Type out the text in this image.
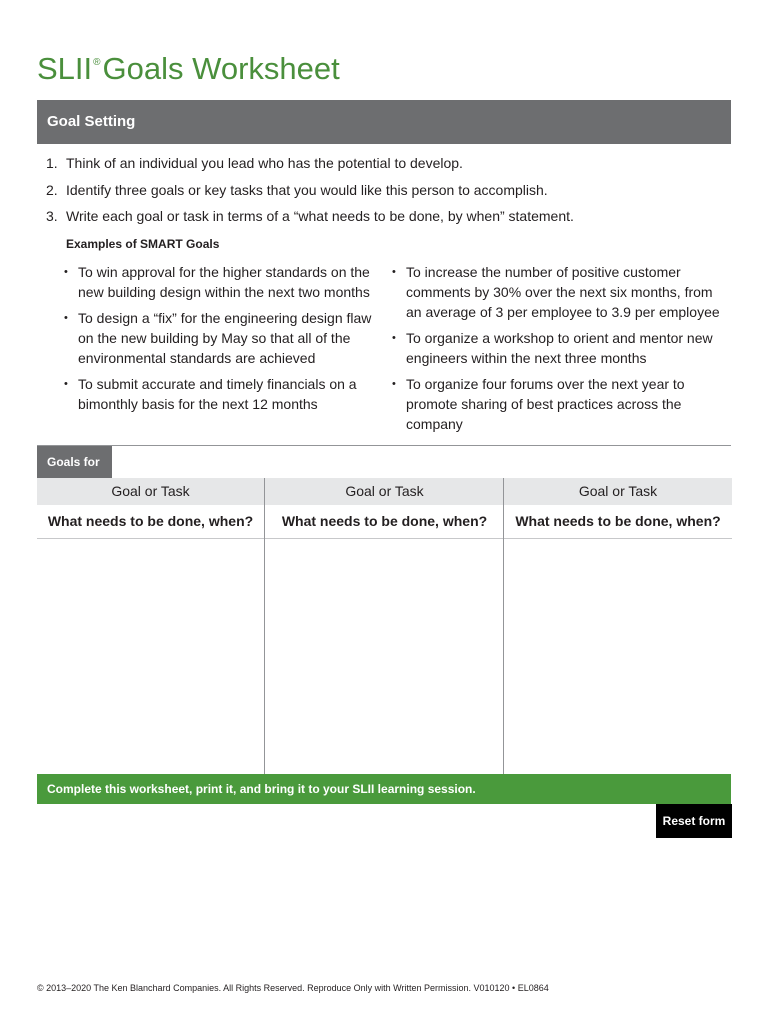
SLII®Goals Worksheet
Goal Setting
1. Think of an individual you lead who has the potential to develop.
2. Identify three goals or key tasks that you would like this person to accomplish.
3. Write each goal or task in terms of a “what needs to be done, by when” statement.
Examples of SMART Goals
• To win approval for the higher standards on the new building design within the next two months
• To design a “fix” for the engineering design flaw on the new building by May so that all of the environmental standards are achieved
• To submit accurate and timely financials on a bimonthly basis for the next 12 months
• To increase the number of positive customer comments by 30% over the next six months, from an average of 3 per employee to 3.9 per employee
• To organize a workshop to orient and mentor new engineers within the next three months
• To organize four forums over the next year to promote sharing of best practices across the company
Goals for
Goal or Task
What needs to be done, when?
Goal or Task
What needs to be done, when?
Goal or Task
What needs to be done, when?
Complete this worksheet, print it, and bring it to your SLII learning session.
Reset form
© 2013–2020 The Ken Blanchard Companies. All Rights Reserved. Reproduce Only with Written Permission. V010120 • EL0864
